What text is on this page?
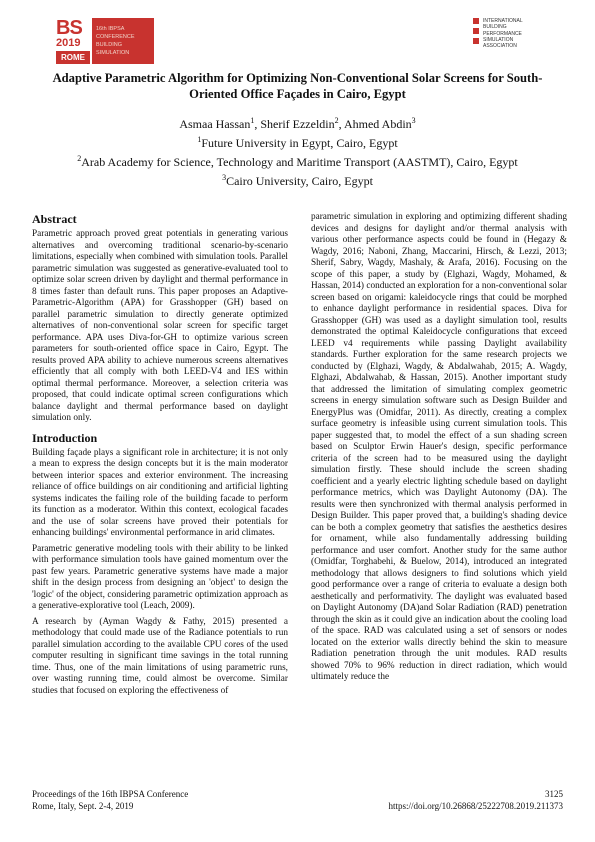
BS
2019
ROME
16th IBPSA
CONFERENCE
BUILDING
SIMULATION
INTERNATIONAL
BUILDING
PERFORMANCE
SIMULATION
ASSOCIATION
Adaptive Parametric Algorithm for Optimizing Non-Conventional Solar Screens for South-
Oriented Office Façades in Cairo, Egypt
Asmaa Hassan$^1$, Sherif Ezzeldin$^2$, Ahmed Abdin$^3$
$^1$Future University in Egypt, Cairo, Egypt
$^2$Arab Academy for Science, Technology and Maritime Transport (AASTMT), Cairo, Egypt
$^3$Cairo University, Cairo, Egypt
Abstract

Parametric approach proved great potentials in generating various alternatives and overcoming traditional scenario-by-scenario limitations, especially when combined with simulation tools. Parallel parametric simulation was suggested as generative-evaluated tool to optimize solar screen driven by daylight and thermal performance in 8 times faster than default runs. This paper proposes an Adaptive-Parametric-Algorithm (APA) for Grasshopper (GH) based on parallel parametric simulation to directly generate optimized alternatives of non-conventional solar screen for specific target performance. APA uses Diva-for-GH to optimize various screen parameters for south-oriented office space in Cairo, Egypt. The results proved APA ability to achieve numerous screens alternatives efficiently that all comply with both LEED-V4 and IES within optimal thermal performance. Moreover, a selection criteria was proposed, that could indicate optimal screen configurations which balance daylight and thermal performance based on daylight simulation only.

Introduction

Building façade plays a significant role in architecture; it is not only a mean to express the design concepts but it is the main moderator between interior spaces and exterior environment. The increasing reliance of office buildings on air conditioning and artificial lighting systems indicates the failing role of the building facade to perform its function as a moderator. Within this context, ecological facades and the use of solar screens have proved their potentials for enhancing buildings' environmental performance in arid climates.

Parametric generative modeling tools with their ability to be linked with performance simulation tools have gained momentum over the past few years. Parametric generative systems have made a major shift in the design process from designing an 'object' to design the 'logic' of the object, considering parametric optimization approach as a generative-explorative tool (Leach, 2009).

A research by (Ayman Wagdy & Fathy, 2015) presented a methodology that could made use of the Radiance potentials to run parallel simulation according to the available CPU cores of the used computer resulting in significant time savings in the total running time. Thus, one of the main limitations of using parametric runs, over wasting running time, could almost be overcome. Similar studies that focused on exploring the effectiveness of

parametric simulation in exploring and optimizing different shading devices and designs for daylight and/or thermal analysis with various other performance aspects could be found in (Hegazy & Wagdy, 2016; Naboni, Zhang, Maccarini, Hirsch, & Lezzi, 2013; Sherif, Sabry, Wagdy, Mashaly, & Arafa, 2016). Focusing on the scope of this paper, a study by (Elghazi, Wagdy, Mohamed, & Hassan, 2014) conducted an exploration for a non-conventional solar screen based on origami: kaleidocycle rings that could be morphed to enhance daylight performance in residential spaces. Diva for Grasshopper (GH) was used as a daylight simulation tool, results demonstrated the optimal Kaleidocycle configurations that exceed LEED v4 requirements while passing Daylight availability standards. Further exploration for the same research projects we conducted by (Elghazi, Wagdy, & Abdalwahab, 2015; A. Wagdy, Elghazi, Abdalwahab, & Hassan, 2015). Another important study that addressed the limitation of simulating complex geometric screens in energy simulation software such as Design Builder and EnergyPlus was (Omidfar, 2011). As directly, creating a complex surface geometry is infeasible using current simulation tools. This paper suggested that, to model the effect of a sun shading screen based on Sculptor Erwin Hauer's design, specific performance criteria of the screen had to be measured using the daylight simulation firstly. These should include the screen shading coefficient and a yearly electric lighting schedule based on daylight performance metrics, which was Daylight Autonomy (DA). The results were then synchronized with thermal analysis performed in Design Builder. This paper proved that, a building's shading device can be both a complex geometry that satisfies the aesthetics desires for ornament, while also fundamentally addressing building performance and user comfort. Another study for the same author (Omidfar, Torghabehi, & Buelow, 2014), introduced an integrated methodology that allows designers to find solutions which yield good performance over a range of criteria to evaluate a design both aesthetically and performativity. The daylight was evaluated based on Daylight Autonomy (DA)and Solar Radiation (RAD) penetration through the skin as it could give an indication about the cooling load of the space. RAD was calculated using a set of sensors or nodes located on the exterior walls directly behind the skin to measure Radiation penetration through the unit modules. RAD results showed 70% to 96% reduction in direct radiation, which would ultimately reduce the

Proceedings of the 16th IBPSA Conference
Rome, Italy, Sept. 2-4, 2019
3125
https://doi.org/10.26868/25222708.2019.211373
